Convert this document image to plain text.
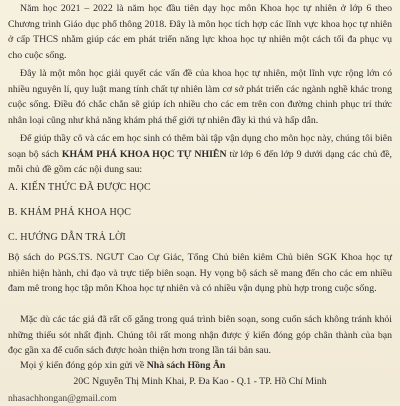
Năm học 2021 – 2022 là năm học đầu tiên dạy học môn Khoa học tự nhiên ở lớp 6 theo Chương trình Giáo dục phổ thông 2018. Đây là môn học tích hợp các lĩnh vực khoa học tự nhiên ở cấp THCS nhằm giúp các em phát triển năng lực khoa học tự nhiên một cách tối đa phục vụ cho cuộc sống.

Đây là một môn học giải quyết các vấn đề của khoa học tự nhiên, một lĩnh vực rộng lớn có nhiều nguyên lí, quy luật mang tính chất tự nhiên làm cơ sở phát triển các ngành nghề khác trong cuộc sống. Điều đó chắc chắn sẽ giúp ích nhiều cho các em trên con đường chinh phục trí thức nhân loại cũng như khả năng khám phá thế giới tự nhiên đầy kì thú và hấp dẫn.

Để giúp thầy cô và các em học sinh có thêm bài tập vận dụng cho môn học này, chúng tôi biên soạn bộ sách KHÁM PHÁ KHOA HỌC TỰ NHIÊN từ lớp 6 đến lớp 9 dưới dạng các chủ đề, mỗi chủ đề gồm các nội dung sau:

A. KIẾN THỨC ĐÃ ĐƯỢC HỌC
B. KHÁM PHÁ KHOA HỌC
C. HƯỚNG DẪN TRẢ LỜI

Bộ sách do PGS.TS. NGƯT Cao Cự Giác, Tổng Chủ biên kiêm Chủ biên SGK Khoa học tự nhiên hiện hành, chỉ đạo và trực tiếp biên soạn. Hy vọng bộ sách sẽ mang đến cho các em nhiều đam mê trong học tập môn Khoa học tự nhiên và có nhiều vận dụng phù hợp trong cuộc sống.

Mặc dù các tác giả đã rất cố gắng trong quá trình biên soạn, song cuốn sách không tránh khỏi những thiếu sót nhất định. Chúng tôi rất mong nhận được ý kiến đóng góp chân thành của bạn đọc gần xa để cuốn sách được hoàn thiện hơn trong lần tái bản sau.

Mọi ý kiến đóng góp xin gửi về Nhà sách Hồng Ân

20C Nguyễn Thị Minh Khai, P. Đa Kao - Q.1 - TP. Hồ Chí Minh
nhasachhongan@gmail.com
